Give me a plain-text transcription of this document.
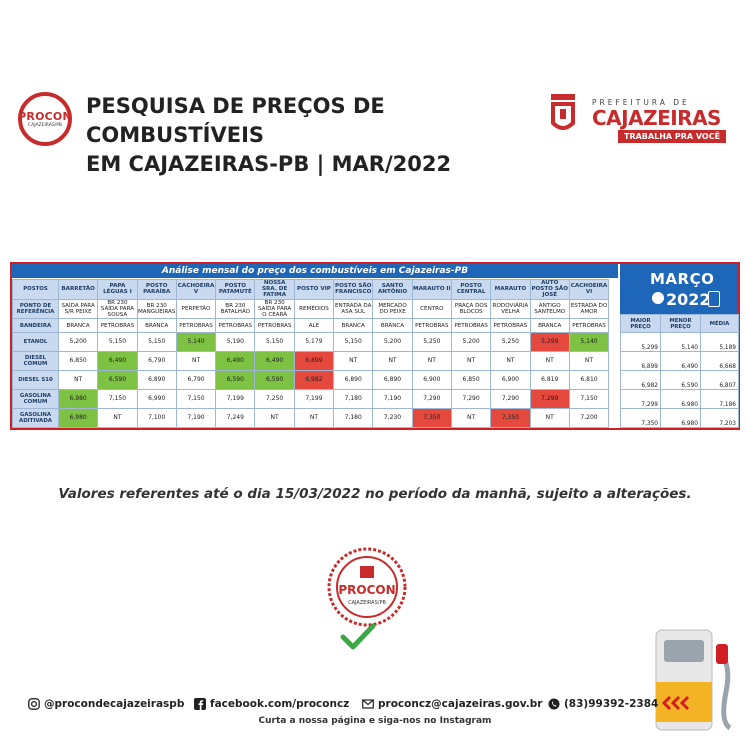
PROCON
CAJAZEIRAS/PB
PESQUISA DE PREÇOS DE COMBUSTÍVEIS
EM CAJAZEIRAS-PB | MAR/2022
PREFEITURA DE
CAJAZEIRAS
TRABALHA PRA VOCÊ
Análise mensal do preço dos combustíveis em Cajazeiras-PB	MARÇO
2022
POSTOS	BARRETÃO	PAPA LÉGUAS I	POSTO PARAÍBA	CACHOEIRA V	POSTO PATAMUTÉ	NOSSA SRA. DE FATIMA	POSTO VIP	POSTO SÃO FRANCISCO	SANTO ANTÔNIO	MARAUTO II	POSTO CENTRAL	MARAUTO	AUTO POSTO SÃO JOSÉ	CACHOEIRA VI
PONTO DE REFERÊNCIA	SAÍDA PARA S/R PEIXE	BR 230 SAÍDA PARA SOUSA	BR 230 MANGUEIRAS	PERPETÃO	BR 230 BATALHÃO	BR 230 SAÍDA PARA O CEARÁ	REMÉDIOS	ENTRADA DA ASA SUL	MERCADO DO PEIXE	CENTRO	PRAÇA DOS BLOCOS	RODOVIÁRIA VELHA	ANTIGO SANTELMO	ESTRADA DO AMOR
BANDEIRA	BRANCA	PETROBRAS	BRANCA	PETROBRAS	PETROBRAS	PETROBRAS	ALE	BRANCA	BRANCA	PETROBRAS	PETROBRAS	PETROBRAS	BRANCA	PETROBRAS
ETANOL	5,200	5,150	5,150	5,140	5,190	5,150	5,179	5,150	5,200	5,250	5,200	5,250	5,299	5,140
DIESEL COMUM	6,850	6,490	6,790	NT	6,490	6,490	6,899	NT	NT	NT	NT	NT	NT	NT
DIESEL S10	NT	6,590	6,890	6,790	6,590	6,590	6,982	6,890	6,890	6,900	6,850	6,900	6,819	6,810
GASOLINA COMUM	6,980	7,150	6,990	7,150	7,199	7,250	7,199	7,180	7,190	7,290	7,290	7,290	7,299	7,150
GASOLINA ADITIVADA	6,980	NT	7,100	7,190	7,249	NT	NT	7,180	7,230	7,350	NT	7,350	NT	7,200
MAIOR PREÇO	MENOR PREÇO	MÉDIA
5,299	5,140	5,189
6,899	6,490	6,668
6,982	6,590	6,807
7,299	6,980	7,186
7,350	6,980	7,203
Valores referentes até o dia 15/03/2022 no período da manhã, sujeito a alterações.
PROCON
CAJAZEIRAS/PB
@procondecajazeiraspb facebook.com/proconcz	proconcz@cajazeiras.gov.br (83)99392-2384
Curta a nossa página e siga-nos no Instagram
